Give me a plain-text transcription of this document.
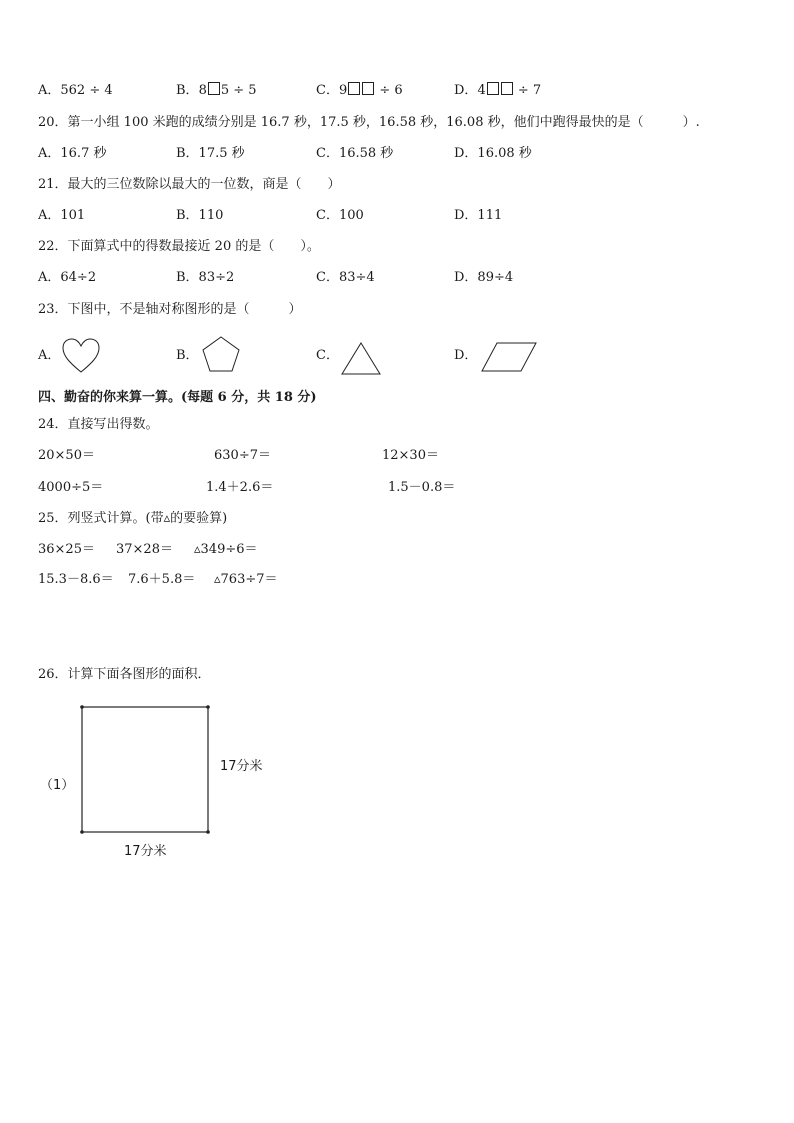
A．562 ÷ 4	B．8 5 ÷ 5	C．9 ÷ 6	D．4 ÷ 7
20．第一小组 100 米跑的成绩分别是 16.7 秒，17.5 秒，16.58 秒，16.08 秒，他们中跑得最快的是（　　　）.
A．16.7 秒	B．17.5 秒	C．16.58 秒	D．16.08 秒
21．最大的三位数除以最大的一位数，商是（　　）
A．101	B．110	C．100	D．111
22．下面算式中的得数最接近 20 的是（　　）。
A．64÷2	B．83÷2	C．83÷4	D．89÷4
23．下图中，不是轴对称图形的是（　　　）
A．	B．	C．	D．
四、勤奋的你来算一算。(每题 6 分，共 18 分)
24．直接写出得数。
20×50＝	630÷7＝	12×30＝
4000÷5＝	1.4＋2.6＝	1.5－0.8＝
25．列竖式计算。(带▵的要验算)
36×25＝ 37×28＝ ▵349÷6＝
15.3－8.6＝ 7.6＋5.8＝ ▵763÷7＝
26．计算下面各图形的面积．
（1）
17分米
17分米
